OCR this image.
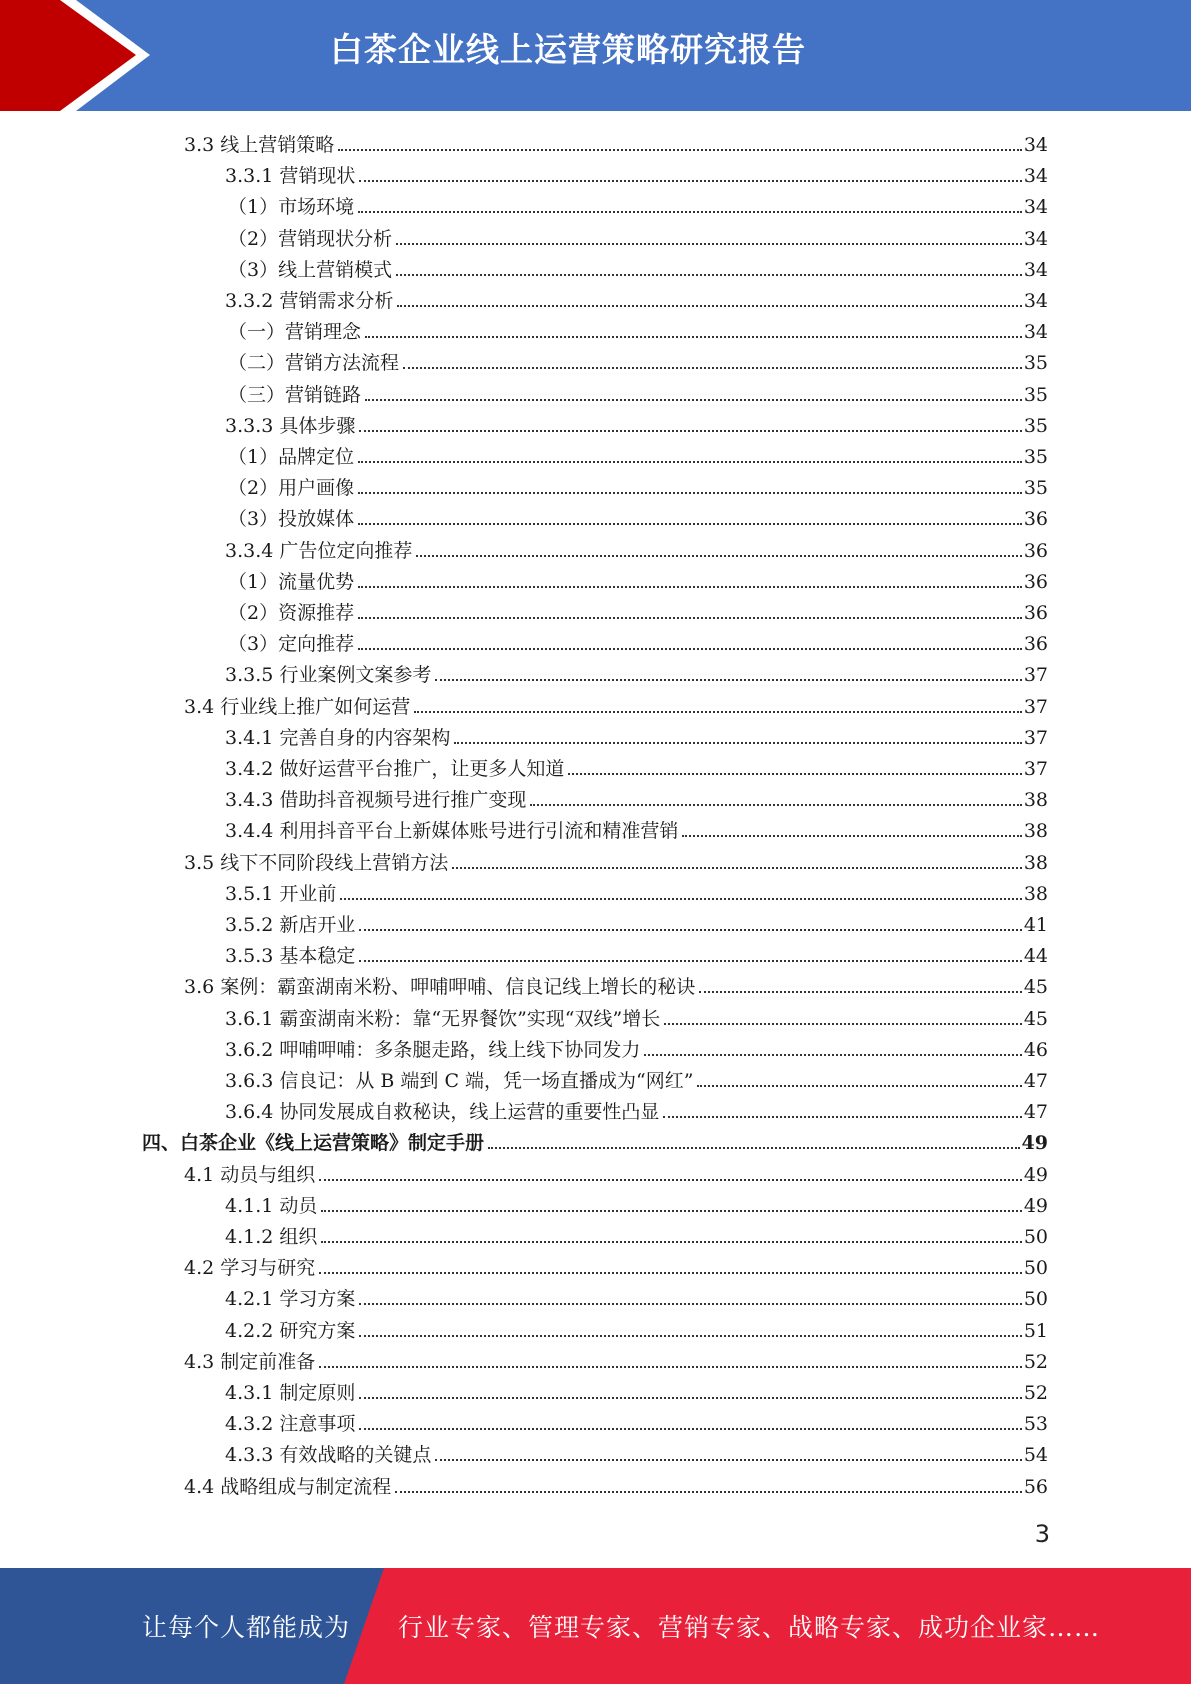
白茶企业线上运营策略研究报告
3.3 线上营销策略	34
3.3.1 营销现状	34
（1）市场环境	34
（2）营销现状分析	34
（3）线上营销模式	34
3.3.2 营销需求分析	34
（一）营销理念	34
（二）营销方法流程	35
（三）营销链路	35
3.3.3 具体步骤	35
（1）品牌定位	35
（2）用户画像	35
（3）投放媒体	36
3.3.4 广告位定向推荐	36
（1）流量优势	36
（2）资源推荐	36
（3）定向推荐	36
3.3.5 行业案例文案参考	37
3.4 行业线上推广如何运营	37
3.4.1 完善自身的内容架构	37
3.4.2 做好运营平台推广，让更多人知道	37
3.4.3 借助抖音视频号进行推广变现	38
3.4.4 利用抖音平台上新媒体账号进行引流和精准营销	38
3.5 线下不同阶段线上营销方法	38
3.5.1 开业前	38
3.5.2 新店开业	41
3.5.3 基本稳定	44
3.6 案例：霸蛮湖南米粉、呷哺呷哺、信良记线上增长的秘诀	45
3.6.1 霸蛮湖南米粉：靠“无界餐饮”实现“双线”增长	45
3.6.2 呷哺呷哺：多条腿走路，线上线下协同发力	46
3.6.3 信良记：从 B 端到 C 端，凭一场直播成为“网红”	47
3.6.4 协同发展成自救秘诀，线上运营的重要性凸显	47
四、白茶企业《线上运营策略》制定手册	49
4.1 动员与组织	49
4.1.1 动员	49
4.1.2 组织	50
4.2 学习与研究	50
4.2.1 学习方案	50
4.2.2 研究方案	51
4.3 制定前准备	52
4.3.1 制定原则	52
4.3.2 注意事项	53
4.3.3 有效战略的关键点	54
4.4 战略组成与制定流程	56
3
让每个人都能成为 行业专家、管理专家、营销专家、战略专家、成功企业家……
